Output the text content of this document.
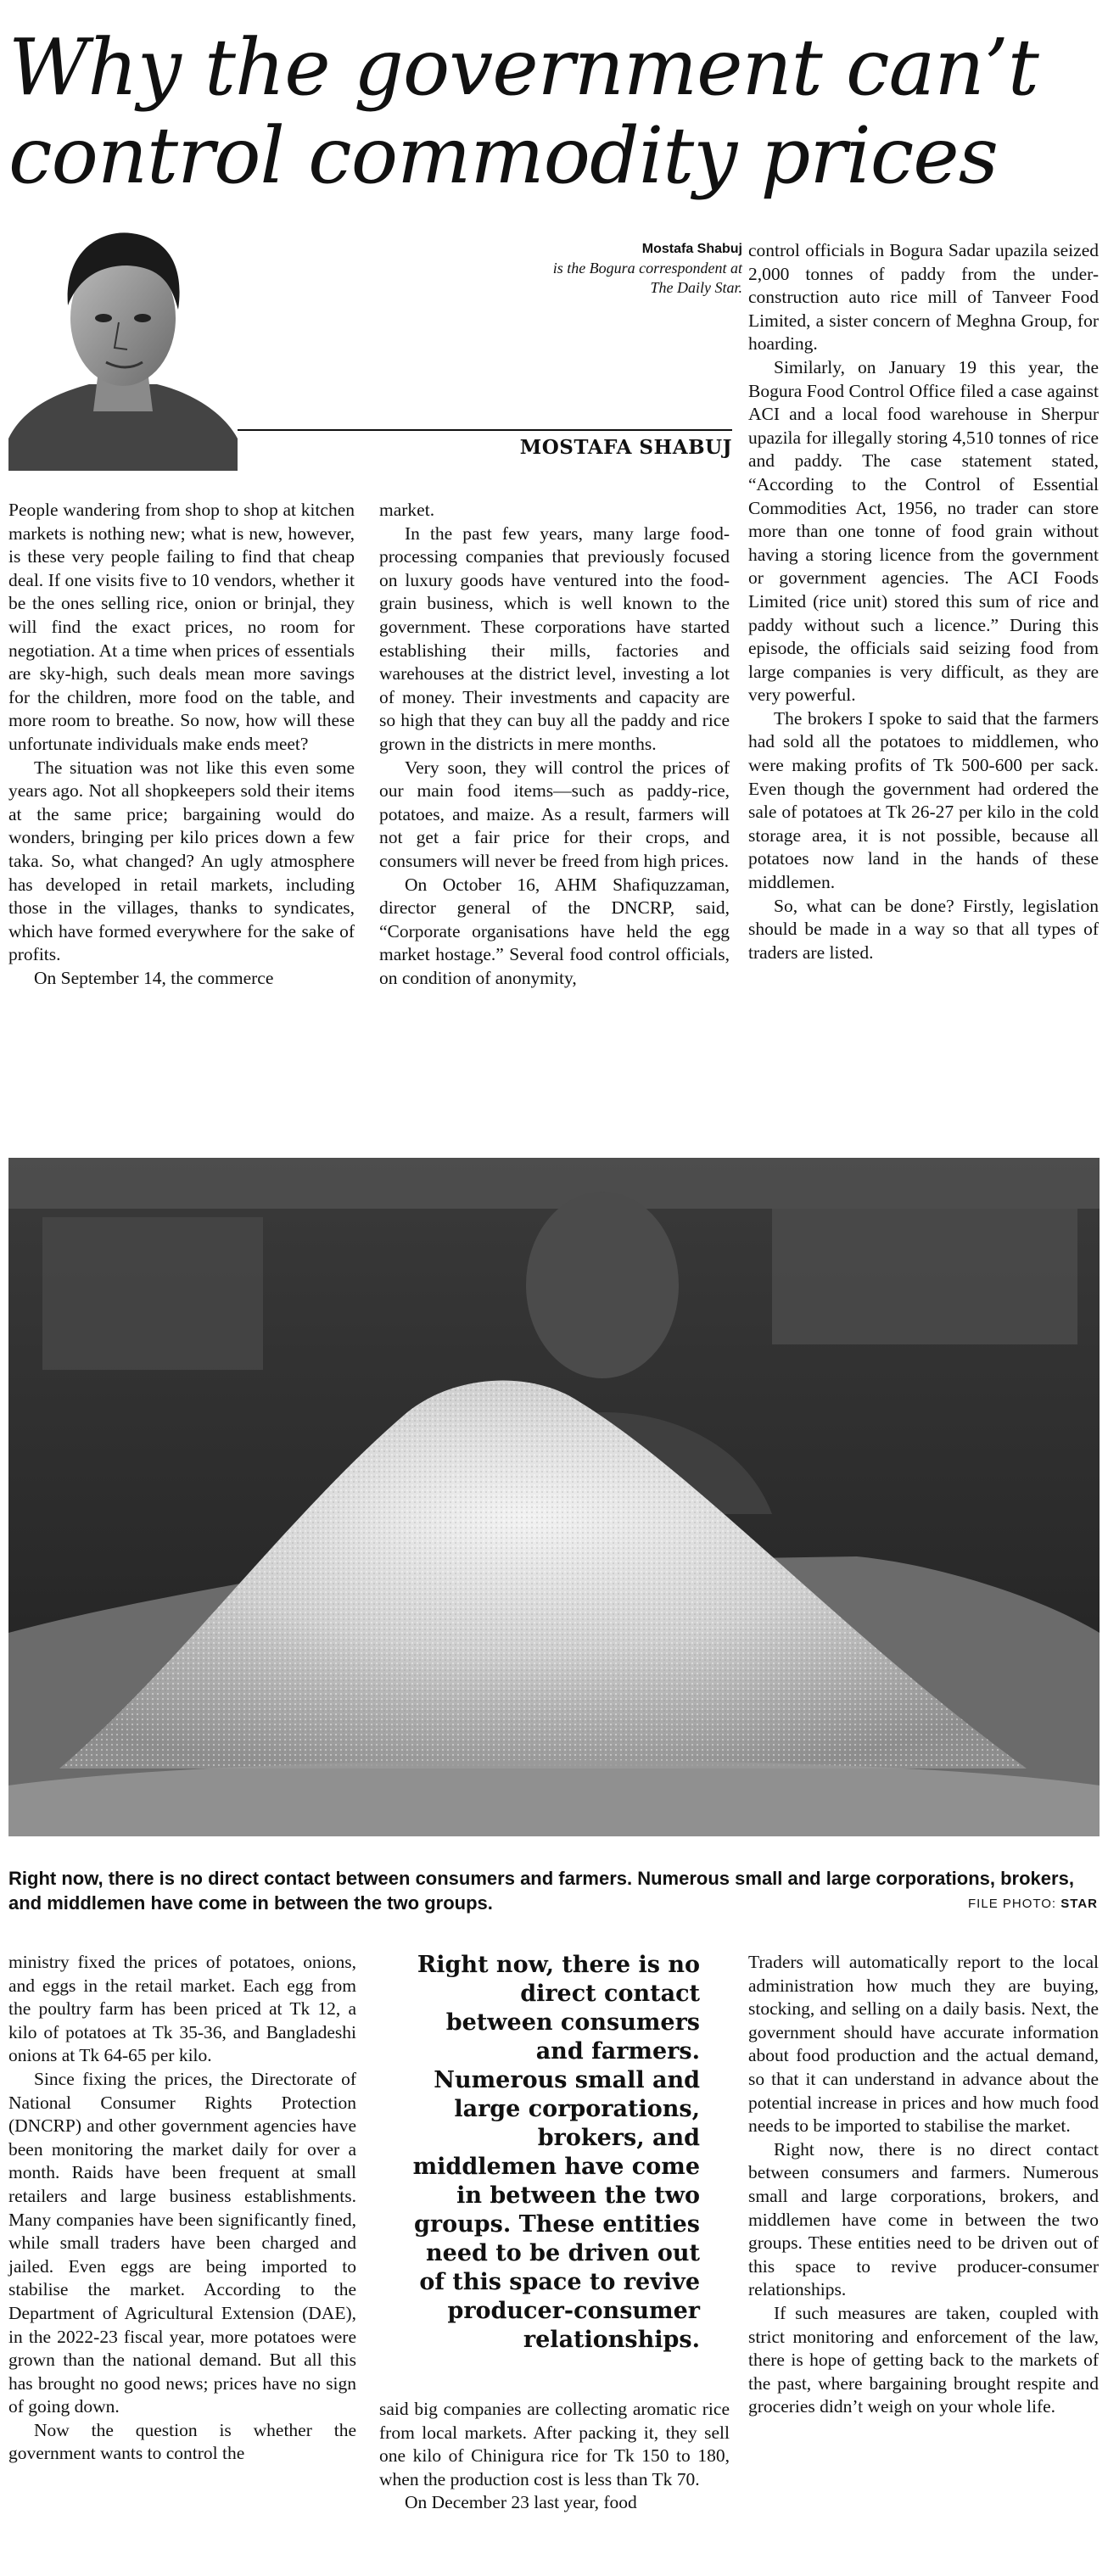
Why the government can’t
control commodity prices
Mostafa Shabuj
is the Bogura correspondent at
The Daily Star.
MOSTAFA SHABUJ

People wandering from shop to shop at kitchen markets is nothing new; what is new, however, is these very people failing to find that cheap deal. If one visits five to 10 vendors, whether it be the ones selling rice, onion or brinjal, they will find the exact prices, no room for negotiation. At a time when prices of essentials are sky-high, such deals mean more savings for the children, more food on the table, and more room to breathe. So now, how will these unfortunate individuals make ends meet?

The situation was not like this even some years ago. Not all shopkeepers sold their items at the same price; bargaining would do wonders, bringing per kilo prices down a few taka. So, what changed? An ugly atmosphere has developed in retail markets, including those in the villages, thanks to syndicates, which have formed everywhere for the sake of profits.

On September 14, the commerce

market.

In the past few years, many large food-processing companies that previously focused on luxury goods have ventured into the food-grain business, which is well known to the government. These corporations have started establishing their mills, factories and warehouses at the district level, investing a lot of money. Their investments and capacity are so high that they can buy all the paddy and rice grown in the districts in mere months.

Very soon, they will control the prices of our main food items—such as paddy-rice, potatoes, and maize. As a result, farmers will not get a fair price for their crops, and consumers will never be freed from high prices.

On October 16, AHM Shafiquzzaman, director general of the DNCRP, said, “Corporate organisations have held the egg market hostage.” Several food control officials, on condition of anonymity,

control officials in Bogura Sadar upazila seized 2,000 tonnes of paddy from the under-construction auto rice mill of Tanveer Food Limited, a sister concern of Meghna Group, for hoarding.

Similarly, on January 19 this year, the Bogura Food Control Office filed a case against ACI and a local food warehouse in Sherpur upazila for illegally storing 4,510 tonnes of rice and paddy. The case statement stated, “According to the Control of Essential Commodities Act, 1956, no trader can store more than one tonne of food grain without having a storing licence from the government or government agencies. The ACI Foods Limited (rice unit) stored this sum of rice and paddy without such a licence.” During this episode, the officials said seizing food from large companies is very difficult, as they are very powerful.

The brokers I spoke to said that the farmers had sold all the potatoes to middlemen, who were making profits of Tk 500-600 per sack. Even though the government had ordered the sale of potatoes at Tk 26-27 per kilo in the cold storage area, it is not possible, because all potatoes now land in the hands of these middlemen.

So, what can be done? Firstly, legislation should be made in a way so that all types of traders are listed.

Right now, there is no direct contact between consumers and farmers. Numerous small and large corporations, brokers, and middlemen have come in between the two groups.	FILE PHOTO: STAR

ministry fixed the prices of potatoes, onions, and eggs in the retail market. Each egg from the poultry farm has been priced at Tk 12, a kilo of potatoes at Tk 35-36, and Bangladeshi onions at Tk 64-65 per kilo.

Since fixing the prices, the Directorate of National Consumer Rights Protection (DNCRP) and other government agencies have been monitoring the market daily for over a month. Raids have been frequent at small retailers and large business establishments. Many companies have been significantly fined, while small traders have been charged and jailed. Even eggs are being imported to stabilise the market. According to the Department of Agricultural Extension (DAE), in the 2022-23 fiscal year, more potatoes were grown than the national demand. But all this has brought no good news; prices have no sign of going down.

Now the question is whether the government wants to control the

Right now, there is no direct contact between consumers and farmers. Numerous small and large corporations, brokers, and middlemen have come in between the two groups. These entities need to be driven out of this space to revive producer-consumer relationships.

said big companies are collecting aromatic rice from local markets. After packing it, they sell one kilo of Chinigura rice for Tk 150 to 180, when the production cost is less than Tk 70.

On December 23 last year, food

Traders will automatically report to the local administration how much they are buying, stocking, and selling on a daily basis. Next, the government should have accurate information about food production and the actual demand, so that it can understand in advance about the potential increase in prices and how much food needs to be imported to stabilise the market.

Right now, there is no direct contact between consumers and farmers. Numerous small and large corporations, brokers, and middlemen have come in between the two groups. These entities need to be driven out of this space to revive producer-consumer relationships.

If such measures are taken, coupled with strict monitoring and enforcement of the law, there is hope of getting back to the markets of the past, where bargaining brought respite and groceries didn’t weigh on your whole life.
